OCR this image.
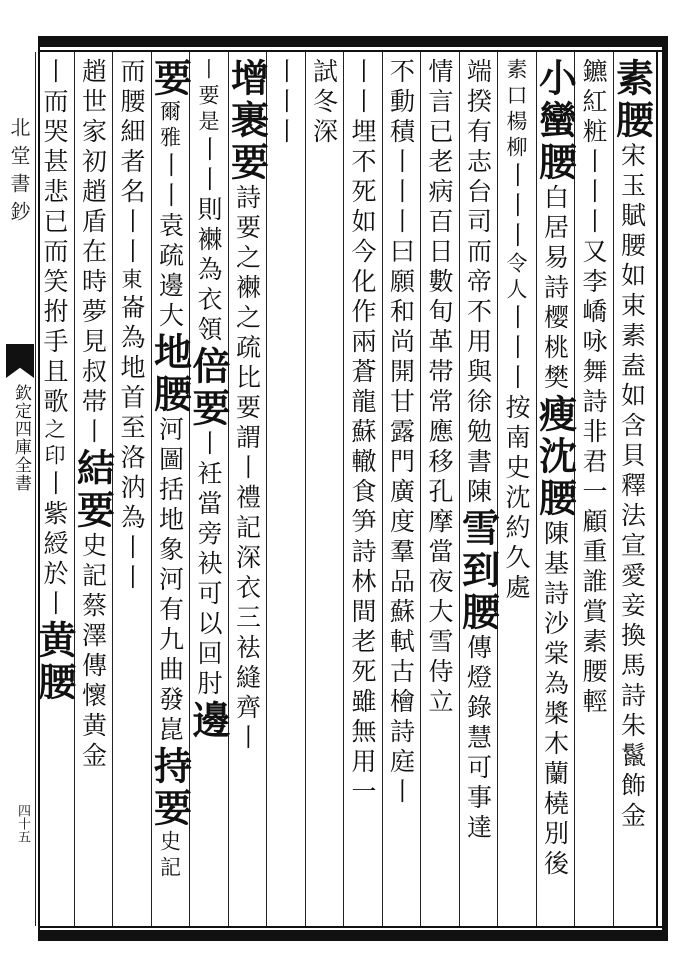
北堂書鈔
欽定四庫全書
四十五
素腰宋玉賦腰如束素盍如含貝釋法宣愛妾換馬詩朱鬣飾金
鑣紅粧丨丨丨又李嶠咏舞詩非君一顧重誰賞素腰輕
小蠻腰白居易詩樱桃樊瘦沈腰陳基詩沙棠為槳木蘭橈別後
素口楊柳丨丨丨令人丨丨丨按南史沈約久處
端揆有志台司而帝不用與徐勉書陳雪到腰傳燈錄慧可事達
情言已老病百日數旬革帯常應移孔摩當夜大雪侍立
不動積丨丨丨曰願和尚開甘露門廣度羣品蘇軾古檜詩庭丨
丨丨埋不死如今化作兩蒼龍蘇轍食笋詩林間老死雖無用一
試冬深
丨丨丨
增裹要詩要之襋之疏比要謂丨禮記深衣三袪縫齊丨
丨要是丨丨則襋為衣領倍要丨衽當旁袂可以回肘邊
要爾雅丨丨袁疏邊大地腰河圖括地象河有九曲發崑持要史記
而腰細者名丨丨東崙為地首至洛汭為丨丨
趙世家初趙盾在時夢見叔帯丨結要史記蔡澤傳懷黄金
丨而哭甚悲已而笑拊手且歌之印丨紫綬於丨黄腰
